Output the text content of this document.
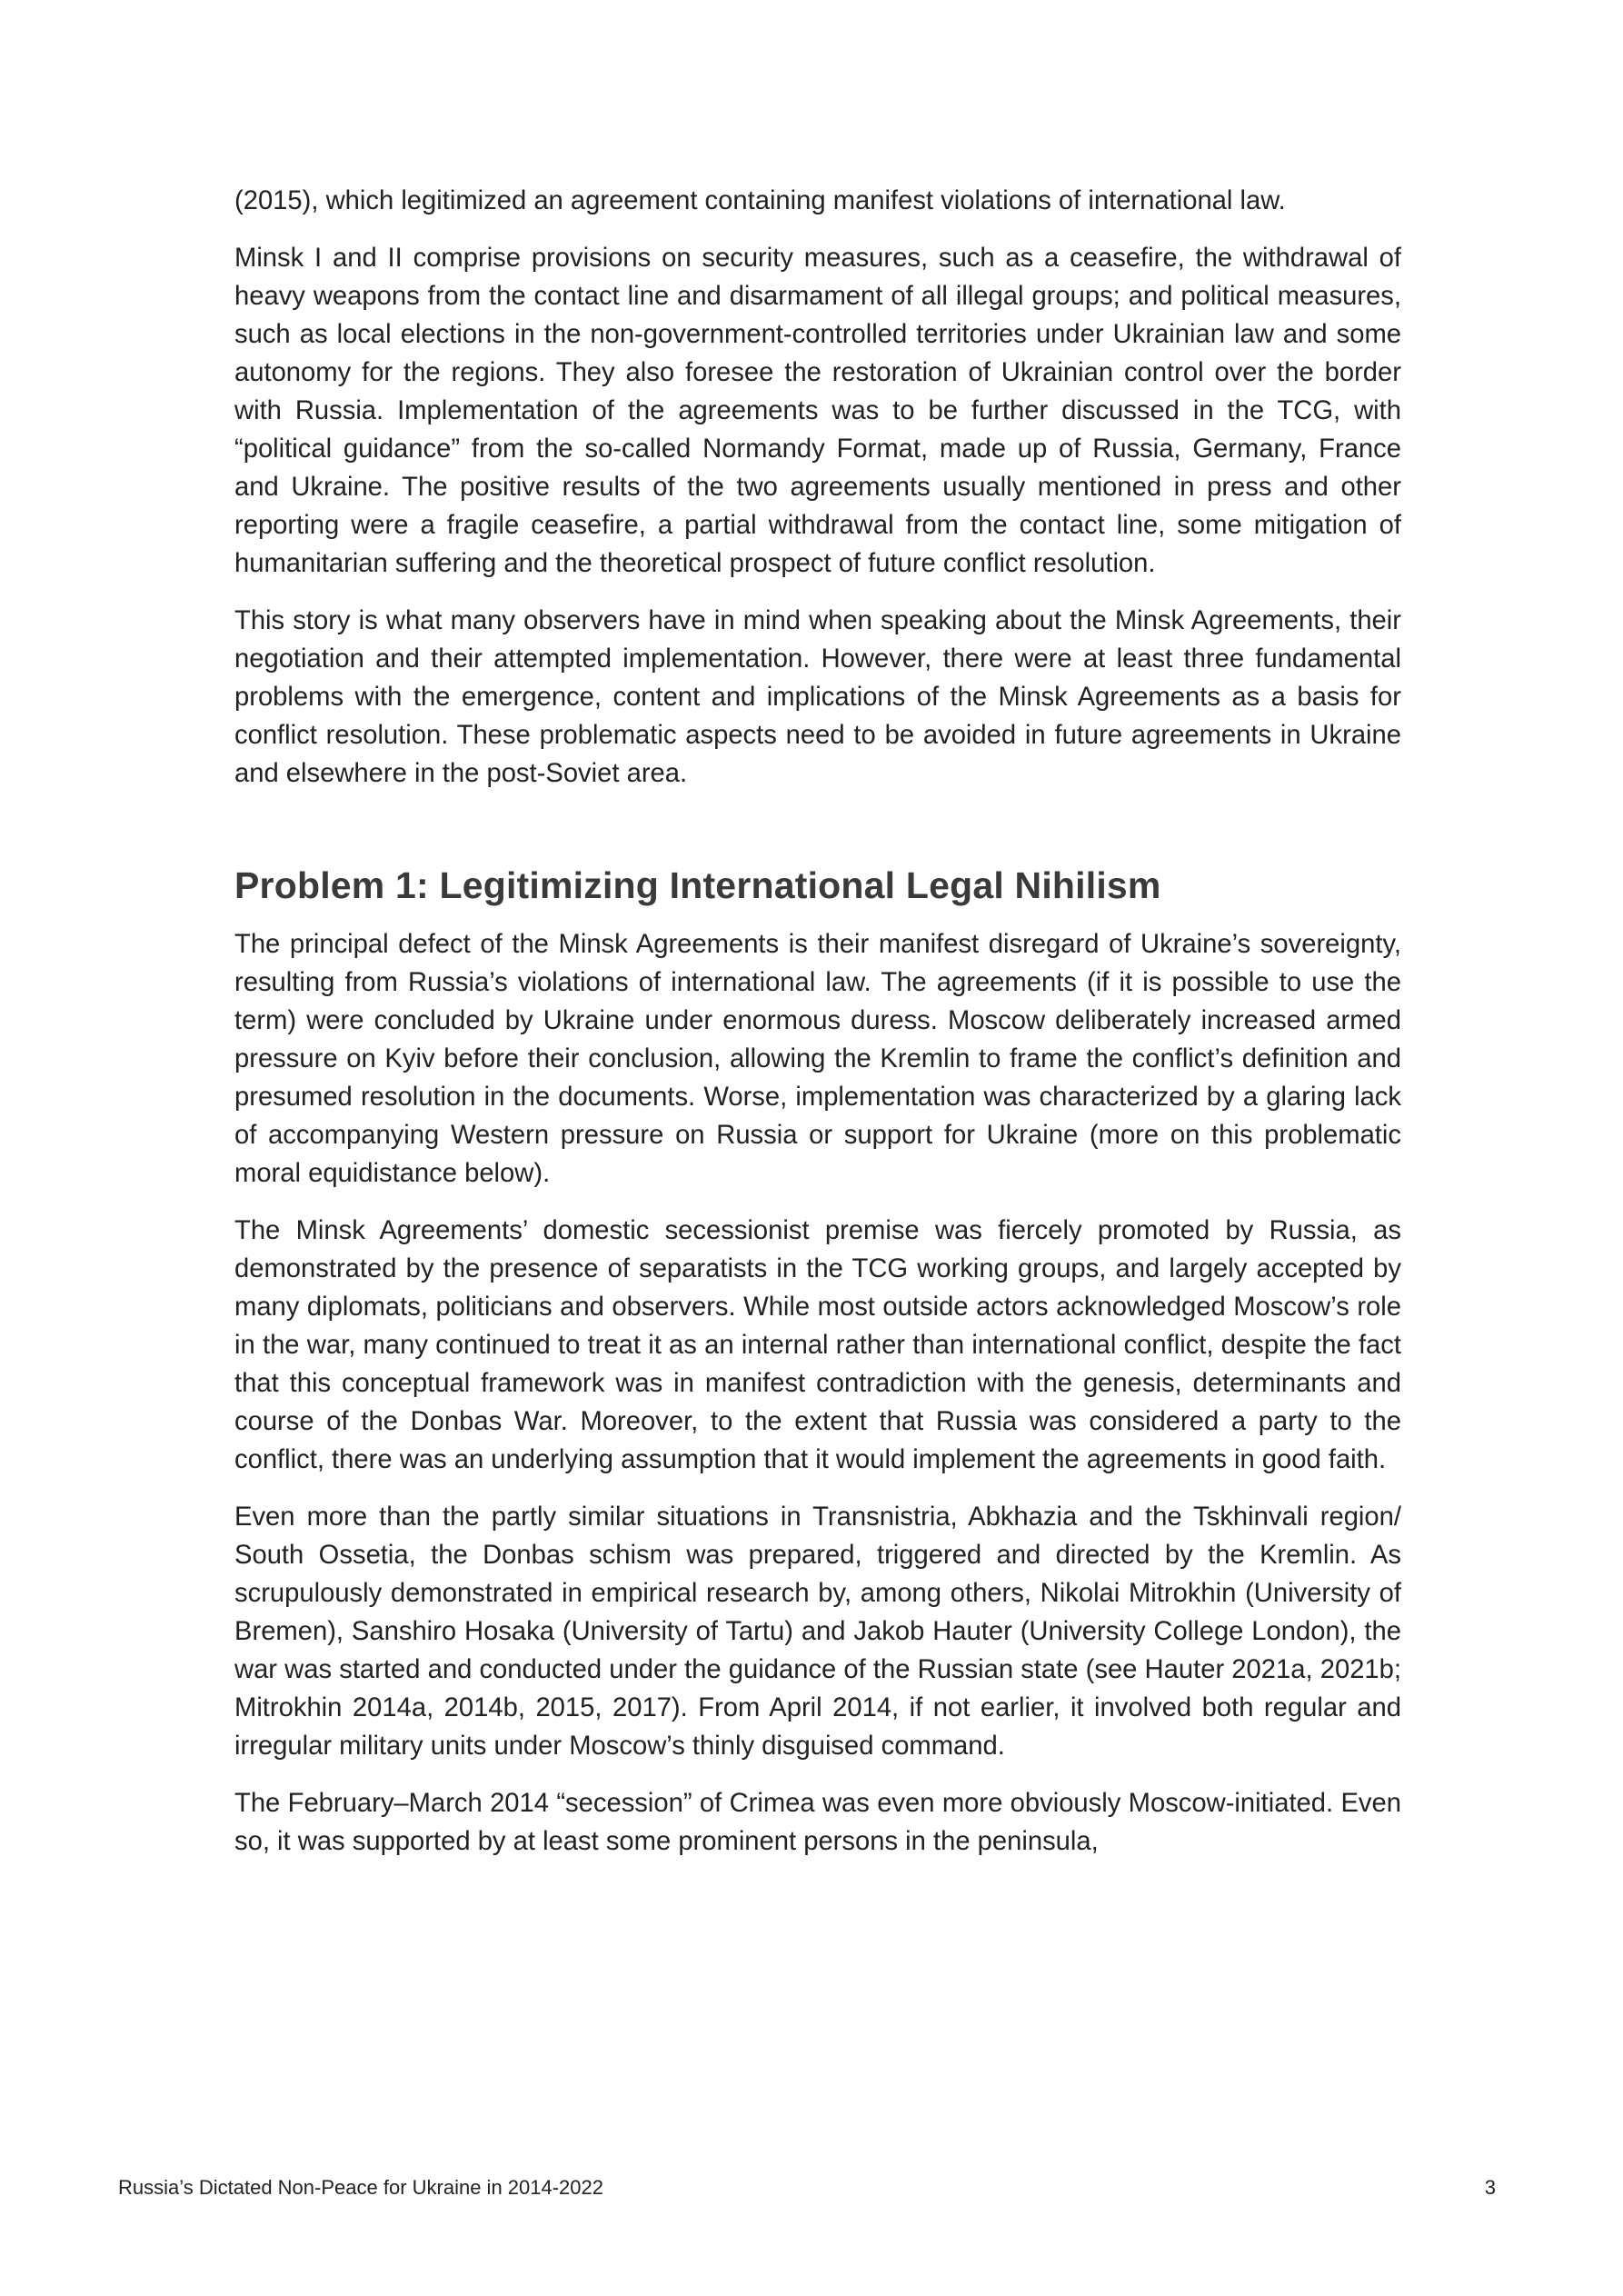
(2015), which legitimized an agreement containing manifest violations of international law.

Minsk I and II comprise provisions on security measures, such as a ceasefire, the withdrawal of heavy weapons from the contact line and disarmament of all illegal groups; and political measures, such as local elections in the non-government-controlled territories under Ukrainian law and some autonomy for the regions. They also foresee the restoration of Ukrainian control over the border with Russia. Implementation of the agreements was to be further discussed in the TCG, with “political guidance” from the so-called Normandy Format, made up of Russia, Germany, France and Ukraine. The positive results of the two agreements usually mentioned in press and other reporting were a fragile ceasefire, a partial withdrawal from the contact line, some mitigation of humanitarian suffering and the theoretical prospect of future conflict resolution.

This story is what many observers have in mind when speaking about the Minsk Agreements, their negotiation and their attempted implementation. However, there were at least three fundamental problems with the emergence, content and implications of the Minsk Agreements as a basis for conflict resolution. These problematic aspects need to be avoided in future agreements in Ukraine and elsewhere in the post-Soviet area.

Problem 1: Legitimizing International Legal Nihilism

The principal defect of the Minsk Agreements is their manifest disregard of Ukraine’s sovereignty, resulting from Russia’s violations of international law. The agreements (if it is possible to use the term) were concluded by Ukraine under enormous duress. Moscow deliberately increased armed pressure on Kyiv before their conclusion, allowing the Kremlin to frame the conflict’s definition and presumed resolution in the documents. Worse, implementation was characterized by a glaring lack of accompanying Western pressure on Russia or support for Ukraine (more on this problematic moral equidistance below).

The Minsk Agreements’ domestic secessionist premise was fiercely promoted by Russia, as demonstrated by the presence of separatists in the TCG working groups, and largely accepted by many diplomats, politicians and observers. While most outside actors acknowledged Moscow’s role in the war, many continued to treat it as an internal rather than international conflict, despite the fact that this conceptual framework was in manifest contradiction with the genesis, determinants and course of the Donbas War. Moreover, to the extent that Russia was considered a party to the conflict, there was an underlying assumption that it would implement the agreements in good faith.

Even more than the partly similar situations in Transnistria, Abkhazia and the Tskhinvali region/ South Ossetia, the Donbas schism was prepared, triggered and directed by the Kremlin. As scrupulously demonstrated in empirical research by, among others, Nikolai Mitrokhin (University of Bremen), Sanshiro Hosaka (University of Tartu) and Jakob Hauter (University College London), the war was started and conducted under the guidance of the Russian state (see Hauter 2021a, 2021b; Mitrokhin 2014a, 2014b, 2015, 2017). From April 2014, if not earlier, it involved both regular and irregular military units under Moscow’s thinly disguised command.

The February–March 2014 “secession” of Crimea was even more obviously Moscow-initiated. Even so, it was supported by at least some prominent persons in the peninsula,

Russia’s Dictated Non-Peace for Ukraine in 2014-2022	3
